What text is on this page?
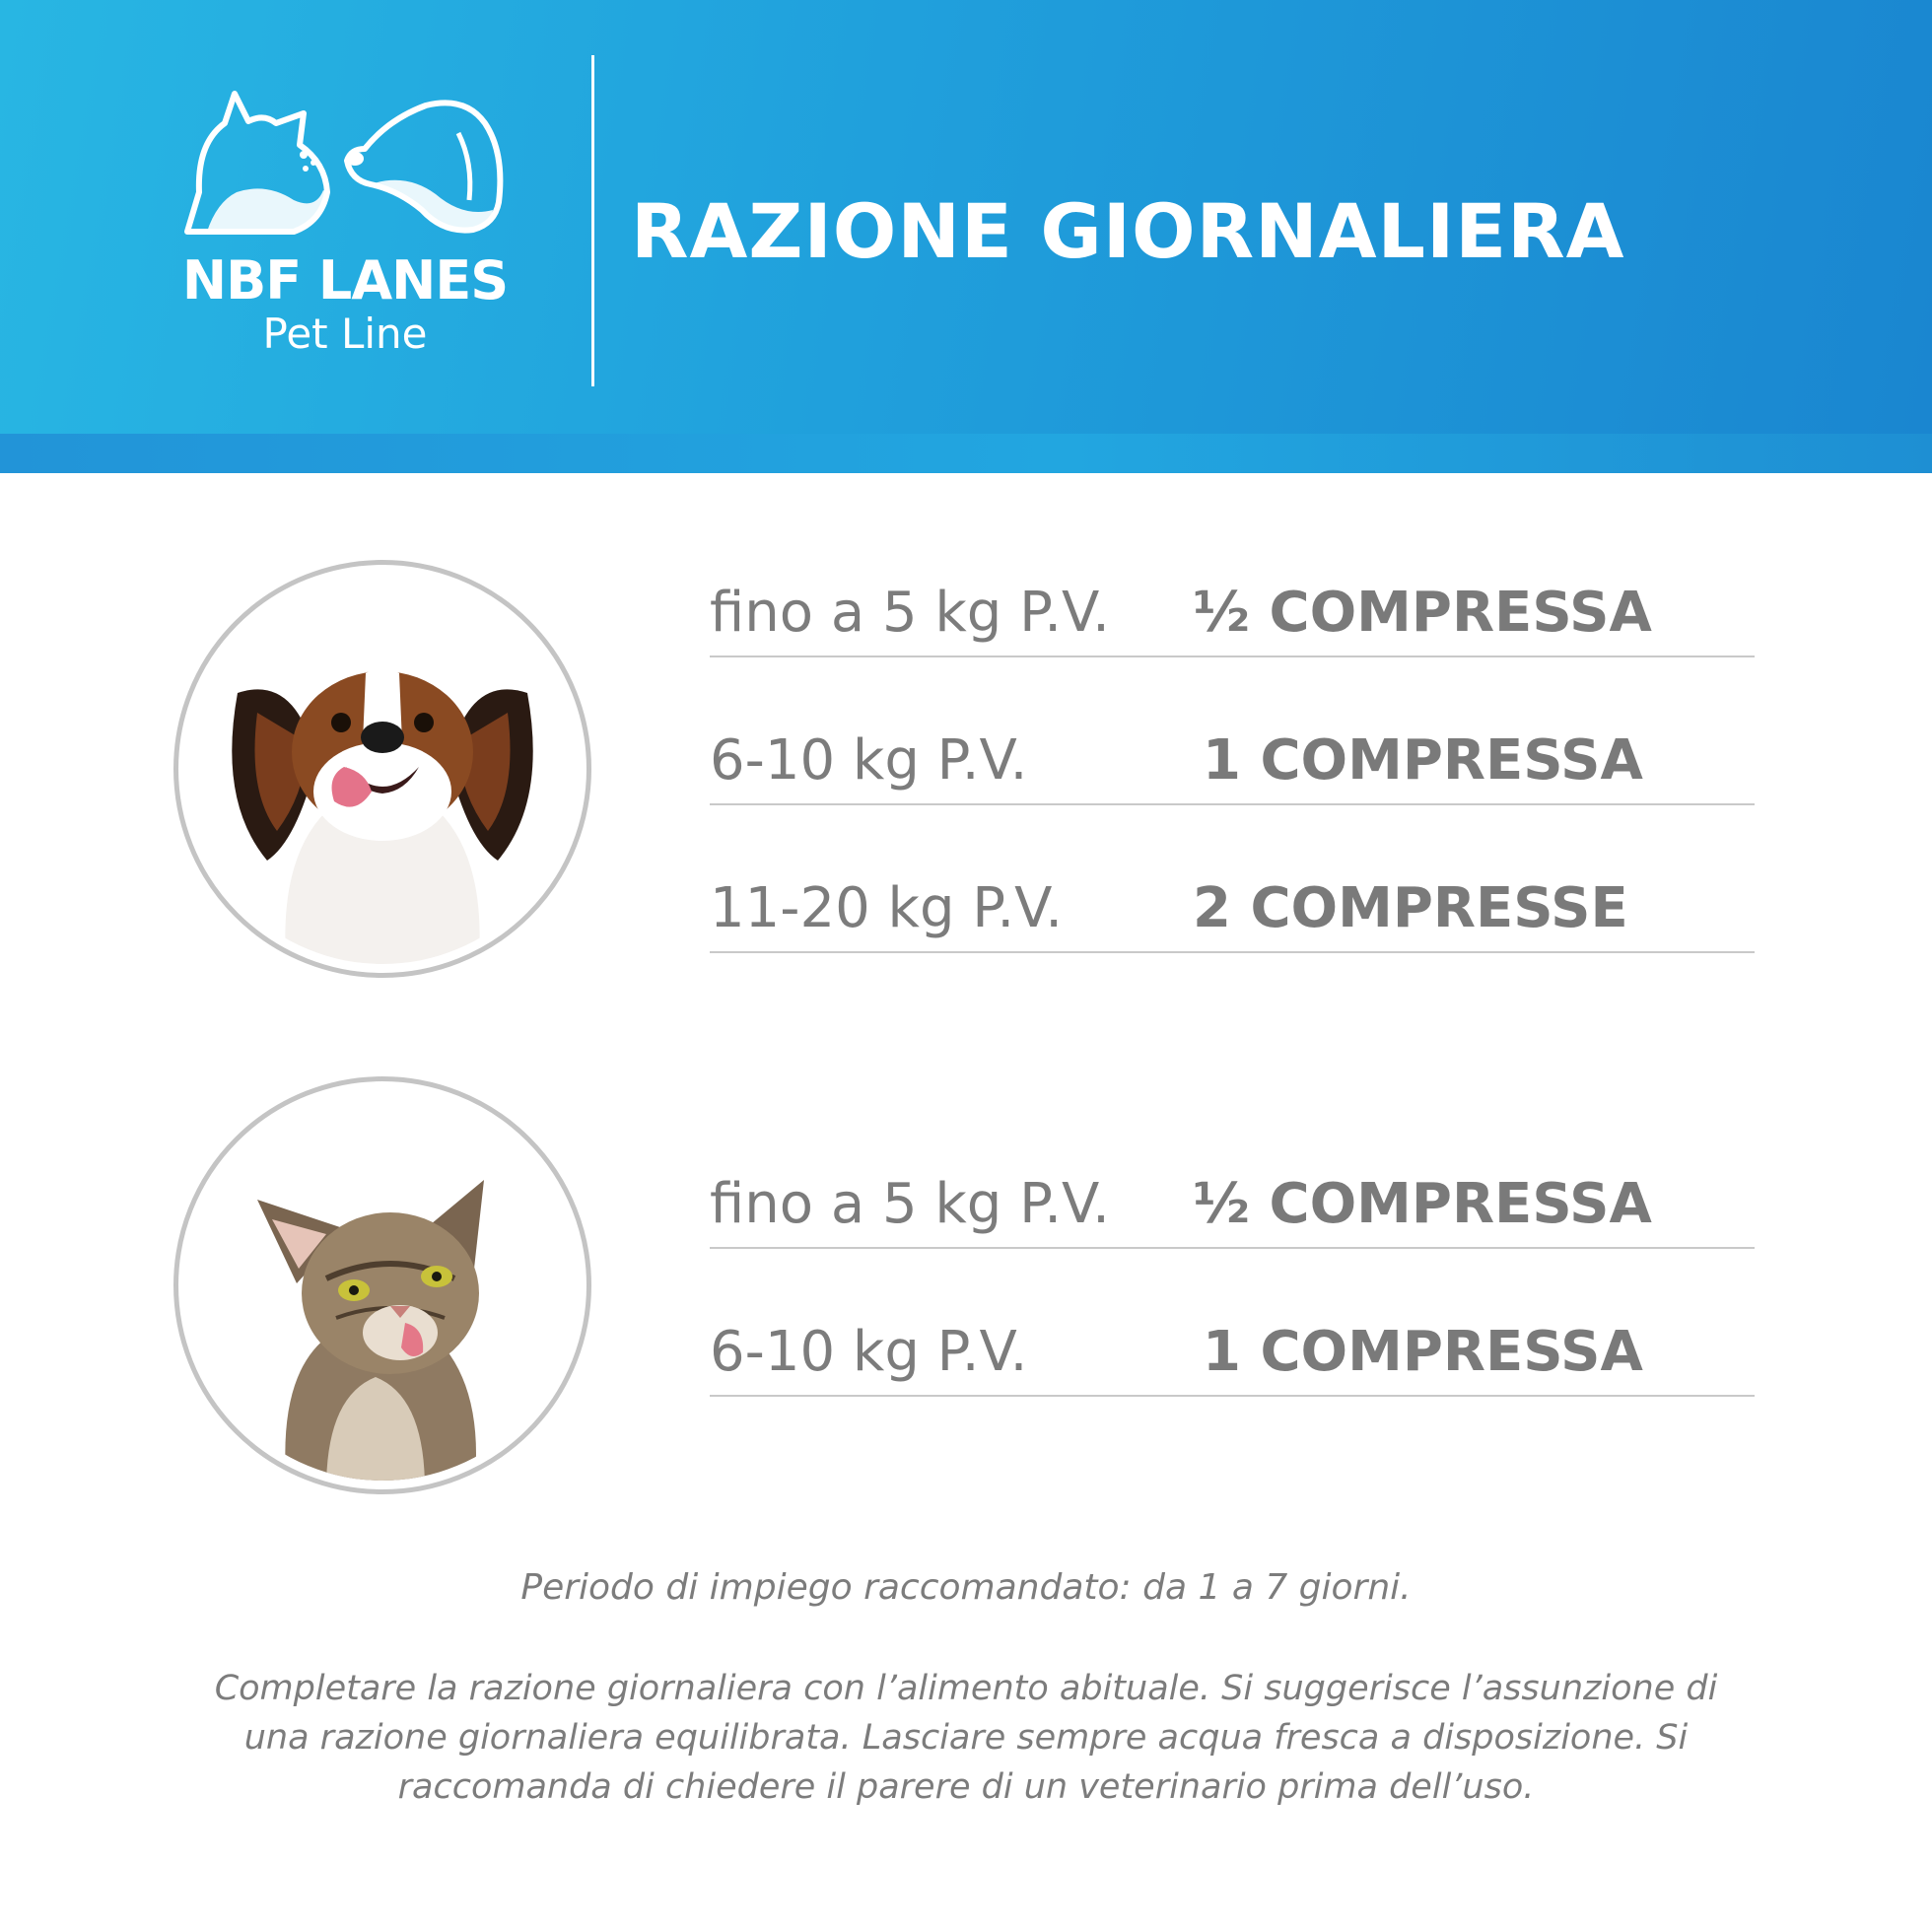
NBF LANES
Pet Line
RAZIONE GIORNALIERA
fino a 5 kg P.V. ½ COMPRESSA
6-10 kg P.V.	1 COMPRESSA
11-20 kg P.V. 2 COMPRESSE
fino a 5 kg P.V. ½ COMPRESSA
6-10 kg P.V.	1 COMPRESSA
Periodo di impiego raccomandato: da 1 a 7 giorni.
Completare la razione giornaliera con l’alimento abituale. Si suggerisce l’assunzione di una razione giornaliera equilibrata. Lasciare sempre acqua fresca a disposizione. Si raccomanda di chiedere il parere di un veterinario prima dell’uso.
